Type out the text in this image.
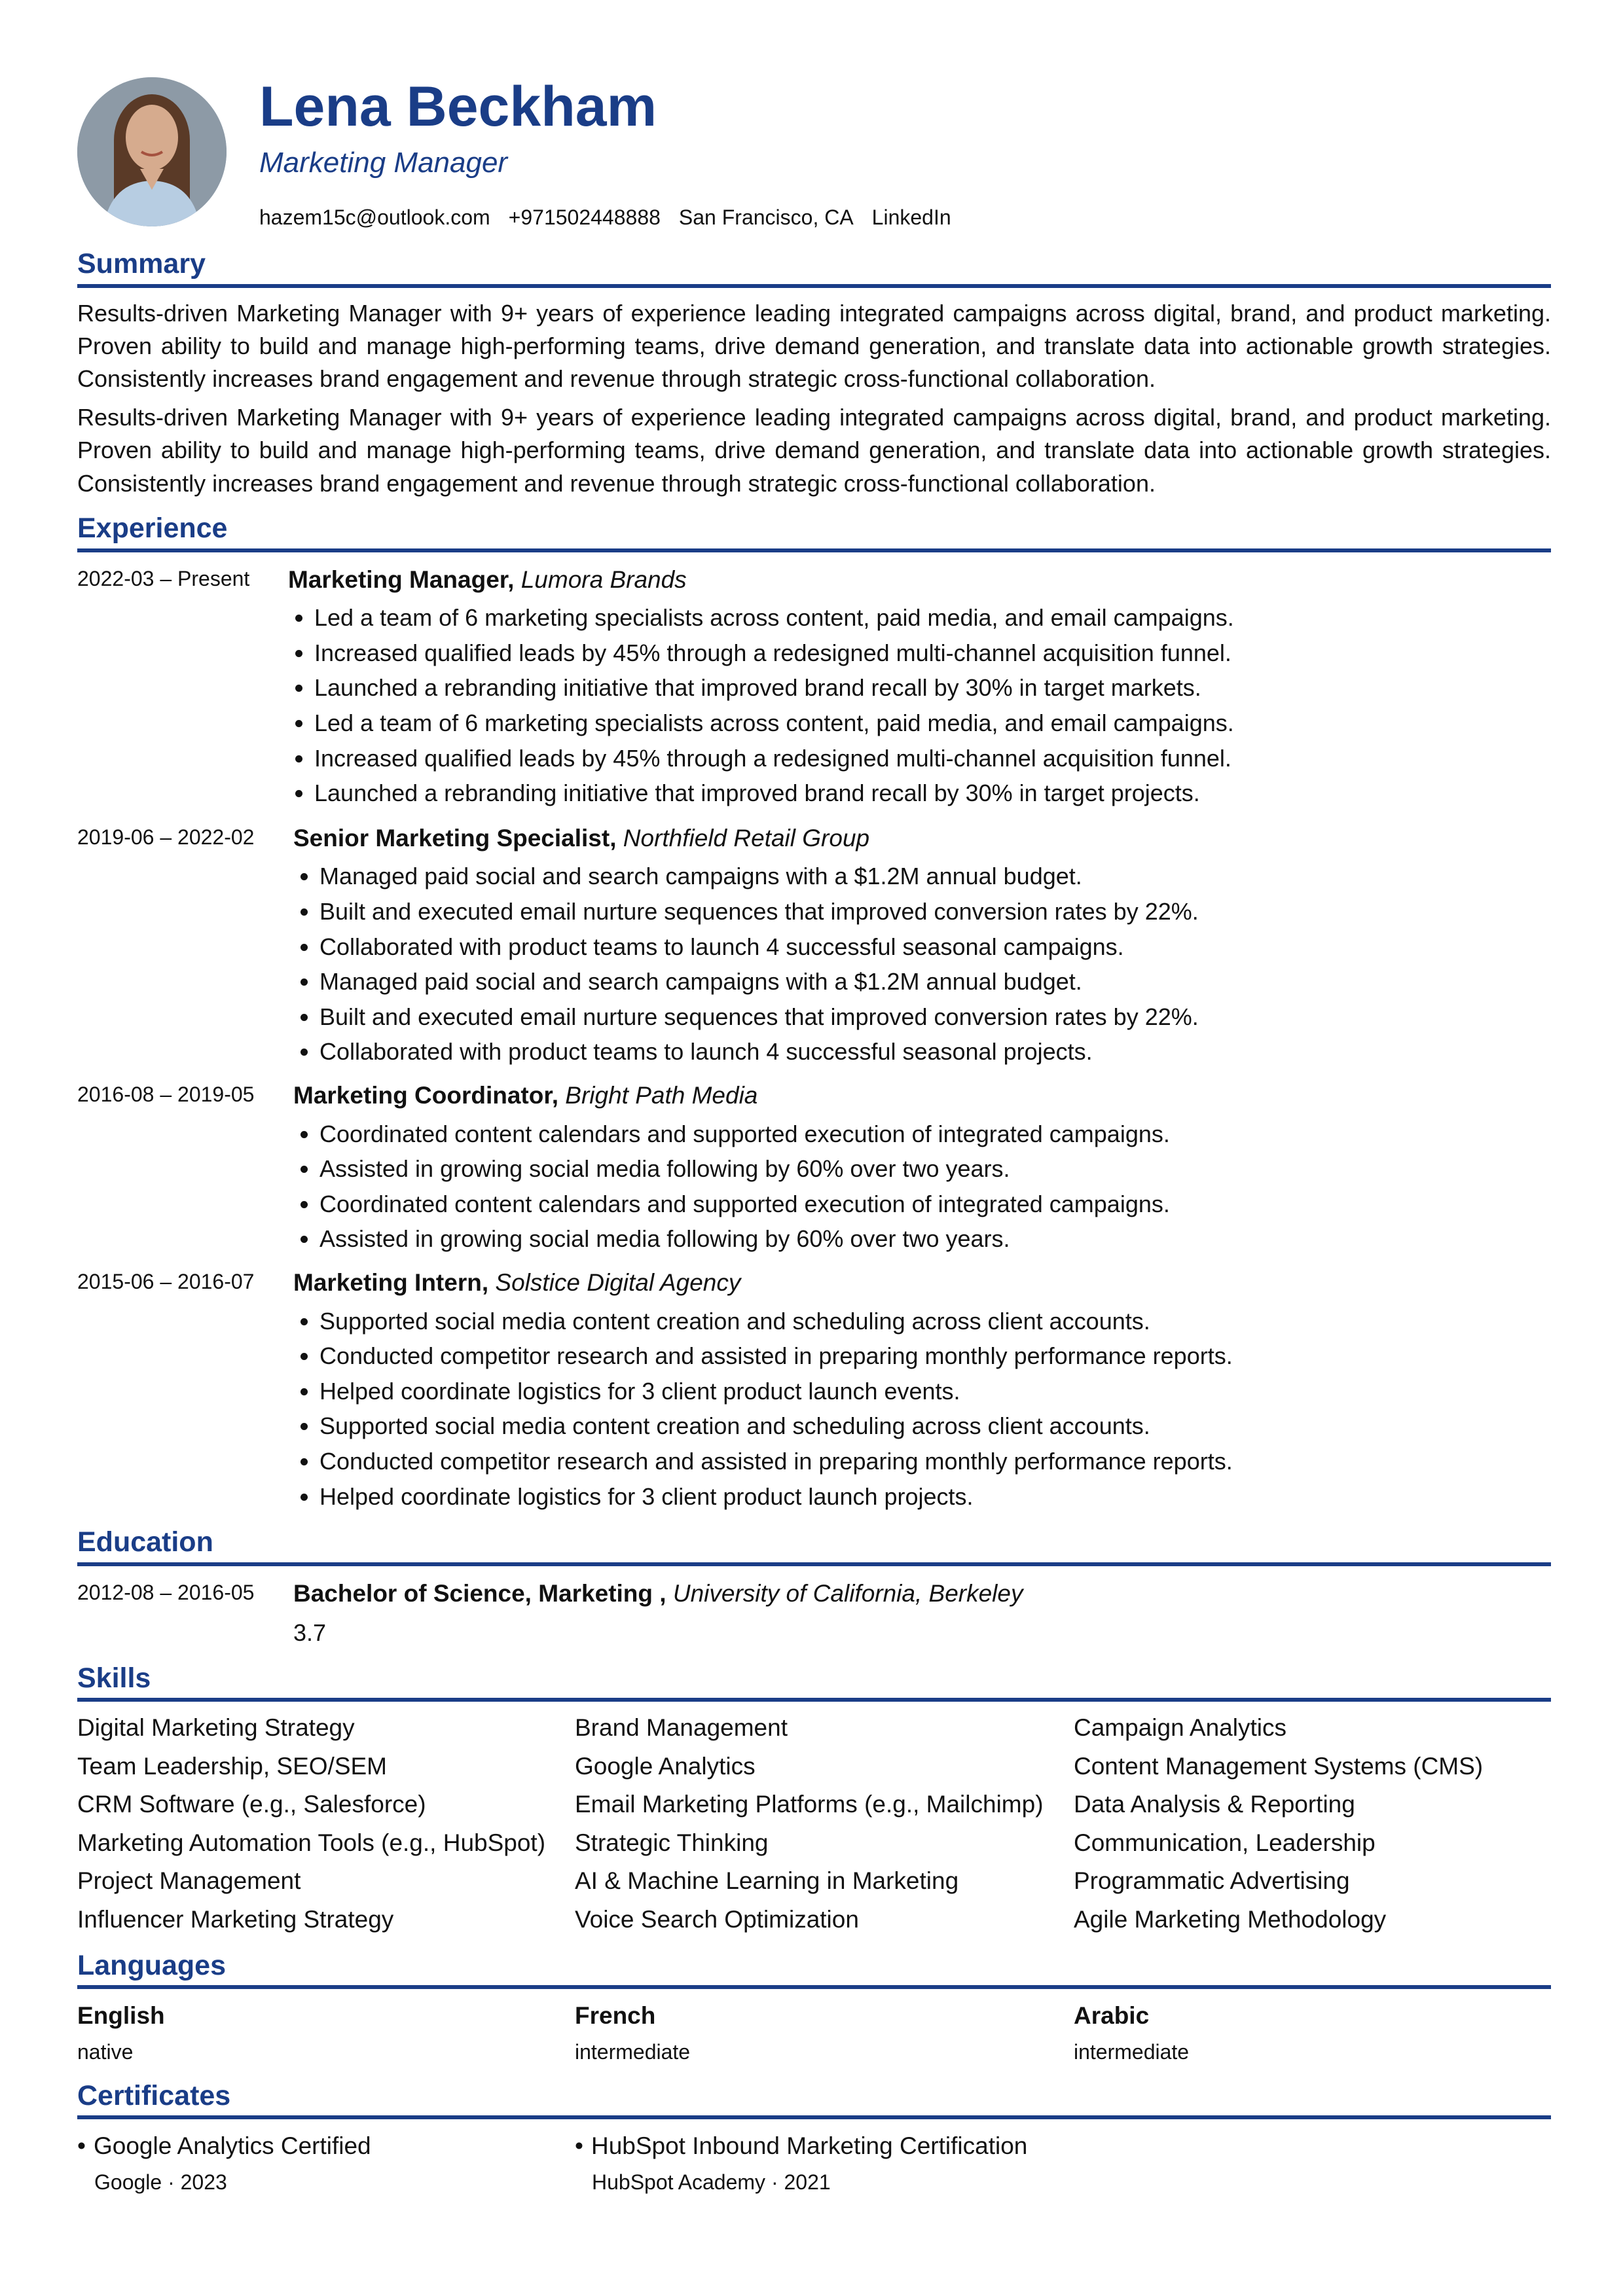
Lena Beckham
Marketing Manager
hazem15c@outlook.com +971502448888 San Francisco, CA LinkedIn
Summary

Results-driven Marketing Manager with 9+ years of experience leading integrated campaigns across digital, brand, and product marketing. Proven ability to build and manage high-performing teams, drive demand generation, and translate data into actionable growth strategies. Consistently increases brand engagement and revenue through strategic cross-functional collaboration.

Results-driven Marketing Manager with 9+ years of experience leading integrated campaigns across digital, brand, and product marketing. Proven ability to build and manage high-performing teams, drive demand generation, and translate data into actionable growth strategies. Consistently increases brand engagement and revenue through strategic cross-functional collaboration.

Experience
2022-03 – Present	Marketing Manager, Lumora Brands
• Led a team of 6 marketing specialists across content, paid media, and email campaigns.
• Increased qualified leads by 45% through a redesigned multi-channel acquisition funnel.
• Launched a rebranding initiative that improved brand recall by 30% in target markets.
• Led a team of 6 marketing specialists across content, paid media, and email campaigns.
• Increased qualified leads by 45% through a redesigned multi-channel acquisition funnel.
• Launched a rebranding initiative that improved brand recall by 30% in target projects.
2019-06 – 2022-02	Senior Marketing Specialist, Northfield Retail Group
• Managed paid social and search campaigns with a $1.2M annual budget.
• Built and executed email nurture sequences that improved conversion rates by 22%.
• Collaborated with product teams to launch 4 successful seasonal campaigns.
• Managed paid social and search campaigns with a $1.2M annual budget.
• Built and executed email nurture sequences that improved conversion rates by 22%.
• Collaborated with product teams to launch 4 successful seasonal projects.
2016-08 – 2019-05	Marketing Coordinator, Bright Path Media
• Coordinated content calendars and supported execution of integrated campaigns.
• Assisted in growing social media following by 60% over two years.
• Coordinated content calendars and supported execution of integrated campaigns.
• Assisted in growing social media following by 60% over two years.
2015-06 – 2016-07	Marketing Intern, Solstice Digital Agency
• Supported social media content creation and scheduling across client accounts.
• Conducted competitor research and assisted in preparing monthly performance reports.
• Helped coordinate logistics for 3 client product launch events.
• Supported social media content creation and scheduling across client accounts.
• Conducted competitor research and assisted in preparing monthly performance reports.
• Helped coordinate logistics for 3 client product launch projects.
Education
2012-08 – 2016-05	Bachelor of Science, Marketing , University of California, Berkeley
3.7
Skills
Digital Marketing Strategy	Brand Management	Campaign Analytics
Team Leadership, SEO/SEM	Google Analytics	Content Management Systems (CMS)
CRM Software (e.g., Salesforce)	Email Marketing Platforms (e.g., Mailchimp)	Data Analysis & Reporting
Marketing Automation Tools (e.g., HubSpot)	Strategic Thinking	Communication, Leadership
Project Management	AI & Machine Learning in Marketing	Programmatic Advertising
Influencer Marketing Strategy	Voice Search Optimization	Agile Marketing Methodology
Languages
English
native
French
intermediate
Arabic
intermediate
Certificates
• Google Analytics Certified
Google · 2023
• HubSpot Inbound Marketing Certification
HubSpot Academy · 2021
